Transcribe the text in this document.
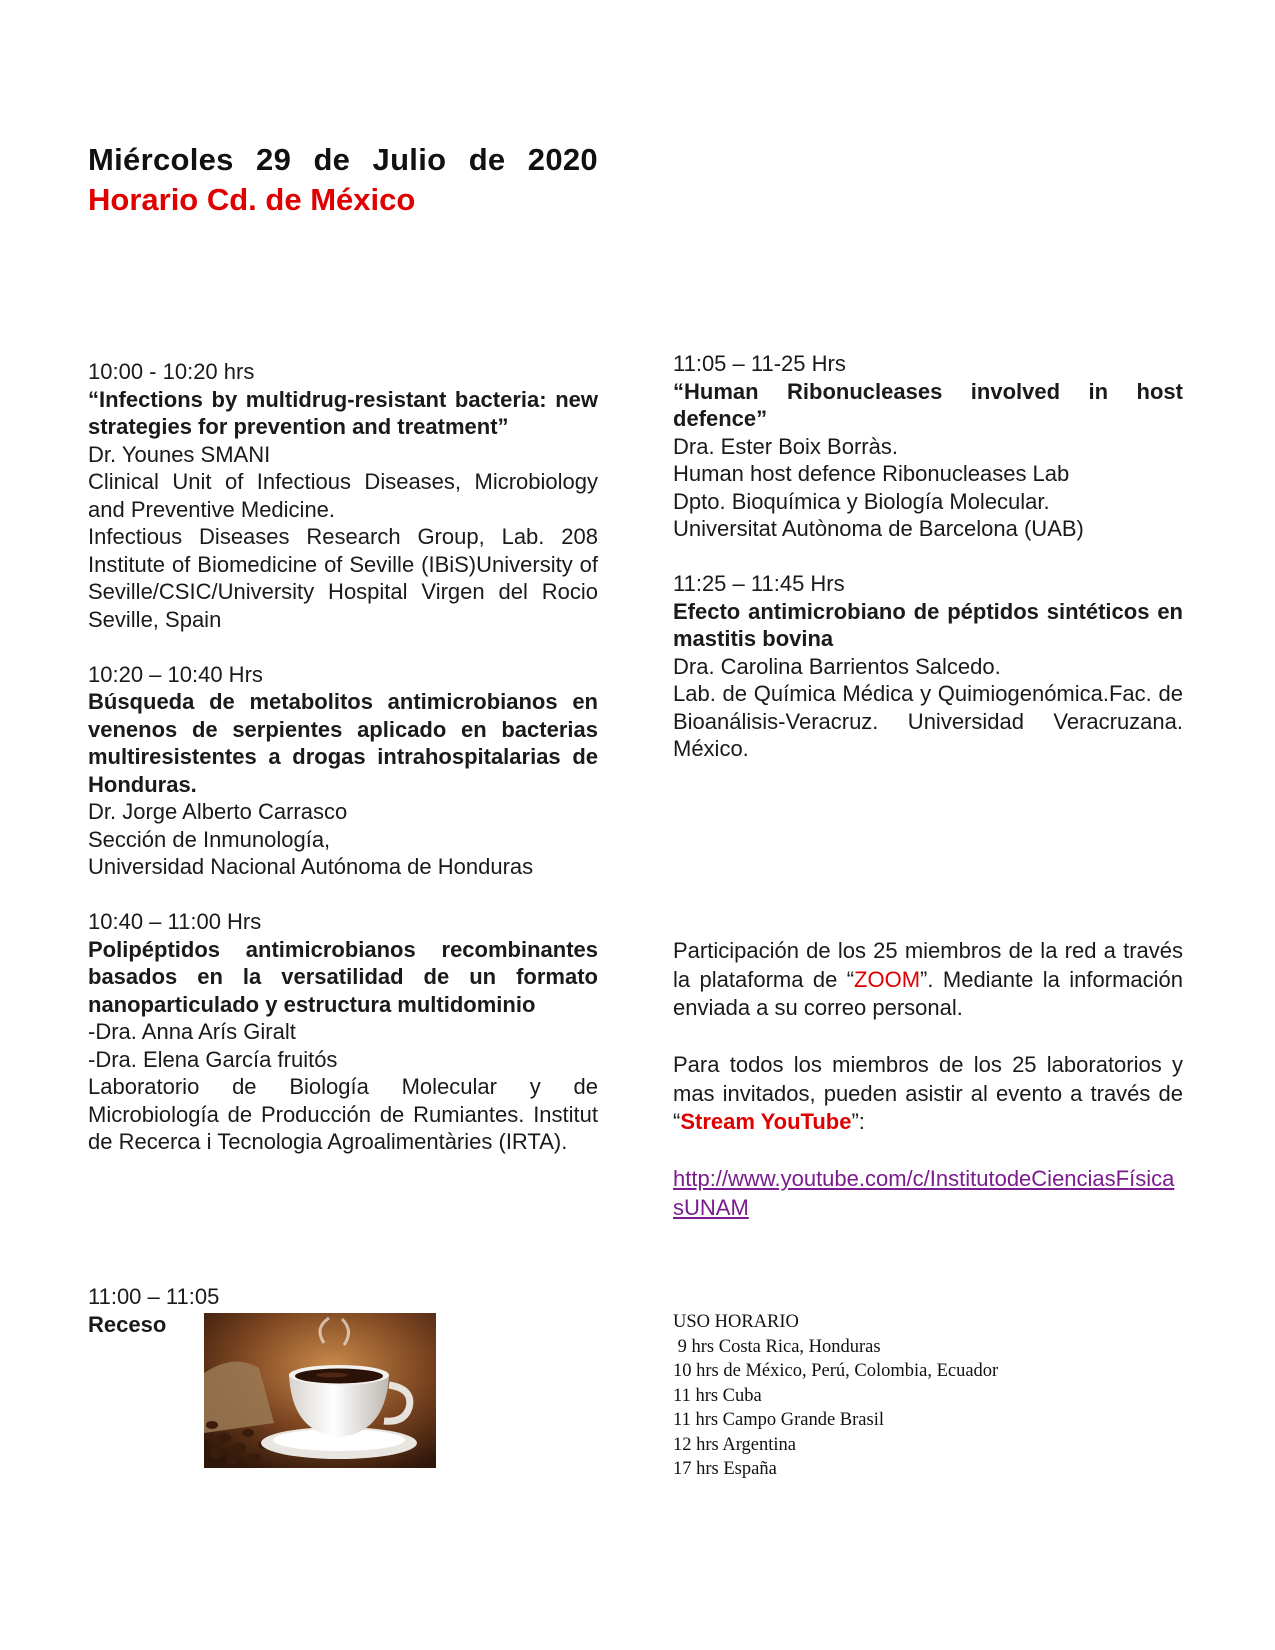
Miércoles 29 de Julio de 2020

Horario Cd. de México

10:00 - 10:20 hrs
“Infections by multidrug-resistant bacteria: new strategies for prevention and treatment”
Dr. Younes SMANI
Clinical Unit of Infectious Diseases, Microbiology and Preventive Medicine.
Infectious Diseases Research Group, Lab. 208 Institute of Biomedicine of Seville (IBiS)University of Seville/CSIC/University Hospital Virgen del Rocio Seville, Spain
10:20 – 10:40 Hrs
Búsqueda de metabolitos antimicrobianos en venenos de serpientes aplicado en bacterias multiresistentes a drogas intrahospitalarias de Honduras.
Dr. Jorge Alberto Carrasco
Sección de Inmunología,
Universidad Nacional Autónoma de Honduras
10:40 – 11:00 Hrs
Polipéptidos antimicrobianos recombinantes basados en la versatilidad de un formato nanoparticulado y estructura multidominio
-Dra. Anna Arís Giralt
-Dra. Elena García fruitós
Laboratorio de Biología Molecular y de Microbiología de Producción de Rumiantes. Institut de Recerca i Tecnologia Agroalimentàries (IRTA).
11:00 – 11:05
Receso
11:05 – 11-25 Hrs
“Human Ribonucleases involved in host defence”
Dra. Ester Boix Borràs.
Human host defence Ribonucleases Lab
Dpto. Bioquímica y Biología Molecular.
Universitat Autònoma de Barcelona (UAB)
11:25 – 11:45 Hrs
Efecto antimicrobiano de péptidos sintéticos en mastitis bovina
Dra. Carolina Barrientos Salcedo.
Lab. de Química Médica y Quimiogenómica.Fac. de Bioanálisis-Veracruz. Universidad Veracruzana. México.

Participación de los 25 miembros de la red a través la plataforma de “ZOOM”. Mediante la información enviada a su correo personal.

Para todos los miembros de los 25 laboratorios y mas invitados, pueden asistir al evento a través de “Stream YouTube”:

http://www.youtube.com/c/InstitutodeCienciasFísicasUNAM

USO HORARIO
9 hrs Costa Rica, Honduras
10 hrs de México, Perú, Colombia, Ecuador
11 hrs Cuba
11 hrs Campo Grande Brasil
12 hrs Argentina
17 hrs España
